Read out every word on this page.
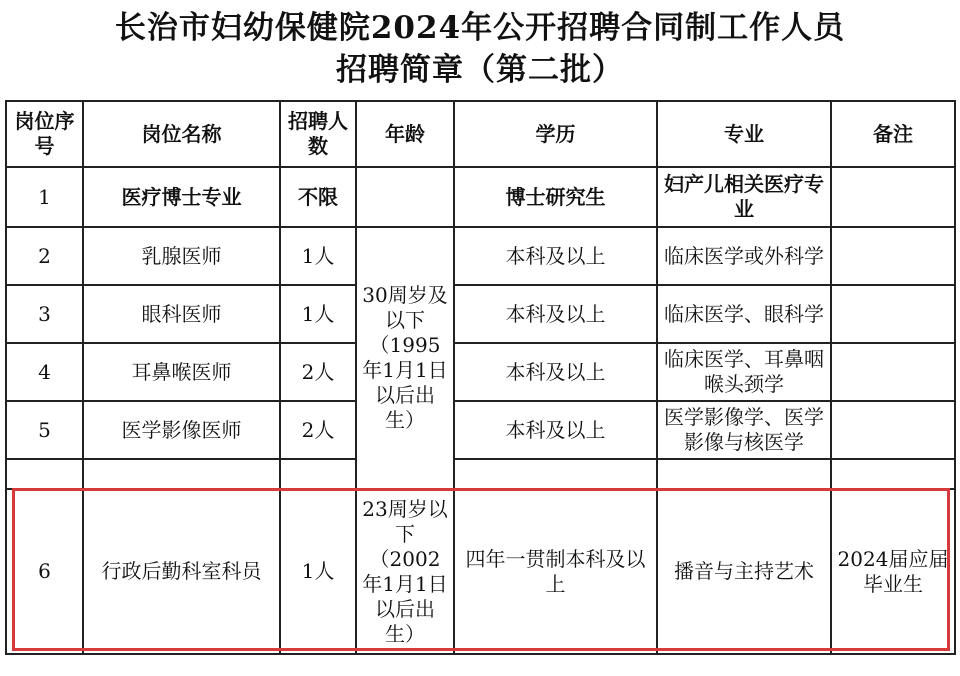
长治市妇幼保健院2024年公开招聘合同制工作人员
招聘简章（第二批）
岗位序号	岗位名称	招聘人数	年龄	学历	专业	备注
1	医疗博士专业	不限		博士研究生	妇产儿相关医疗专业	
2	乳腺医师	1人	30周岁及以下（1995年1月1日以后出生）	本科及以上	临床医学或外科学	
3	眼科医师	1人		本科及以上	临床医学、眼科学	
4	耳鼻喉医师	2人		本科及以上	临床医学、耳鼻咽喉头颈学	
5	医学影像医师	2人		本科及以上	医学影像学、医学影像与核医学	

6	行政后勤科室科员	1人	23周岁以下（2002年1月1日以后出生）	四年一贯制本科及以上	播音与主持艺术	2024届应届毕业生
